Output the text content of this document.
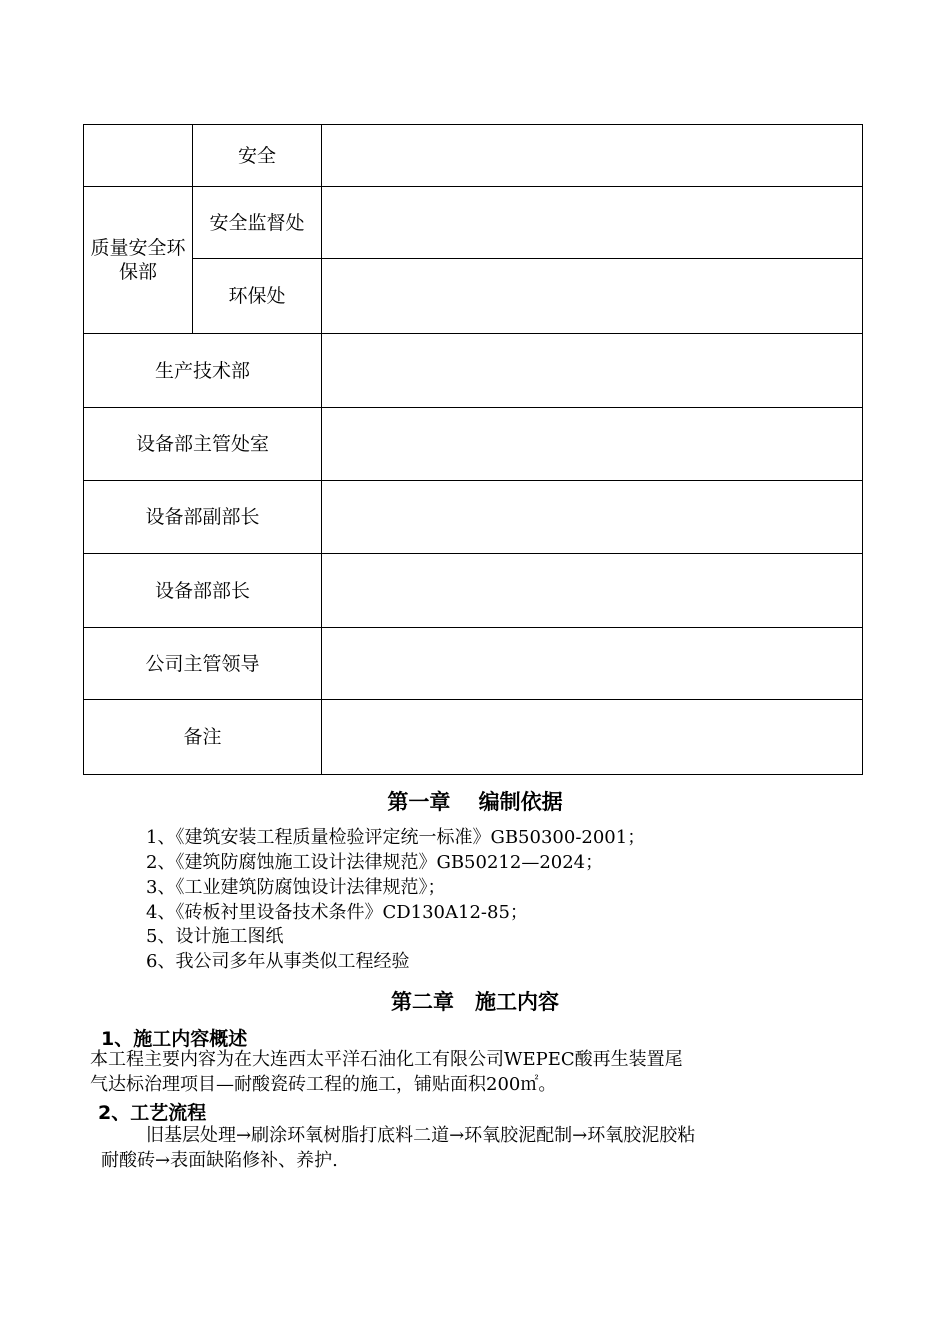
	安全	
质量安全环保部	安全监督处	
	环保处	
生产技术部		
设备部主管处室		
设备部副部长		
设备部部长		
公司主管领导		
备注		
第一章　 编制依据
1、《建筑安装工程质量检验评定统一标准》GB50300-2001；
2、《建筑防腐蚀施工设计法律规范》GB50212—2024；
3、《工业建筑防腐蚀设计法律规范》；
4、《砖板衬里设备技术条件》CD130A12-85；
5、设计施工图纸
6、我公司多年从事类似工程经验
第二章　施工内容
1、施工内容概述
本工程主要内容为在大连西太平洋石油化工有限公司WEPEC酸再生装置尾
气达标治理项目—耐酸瓷砖工程的施工，铺贴面积200㎡。
2、工艺流程
旧基层处理→刷涂环氧树脂打底料二道→环氧胶泥配制→环氧胶泥胶粘
耐酸砖→表面缺陷修补、养护.
